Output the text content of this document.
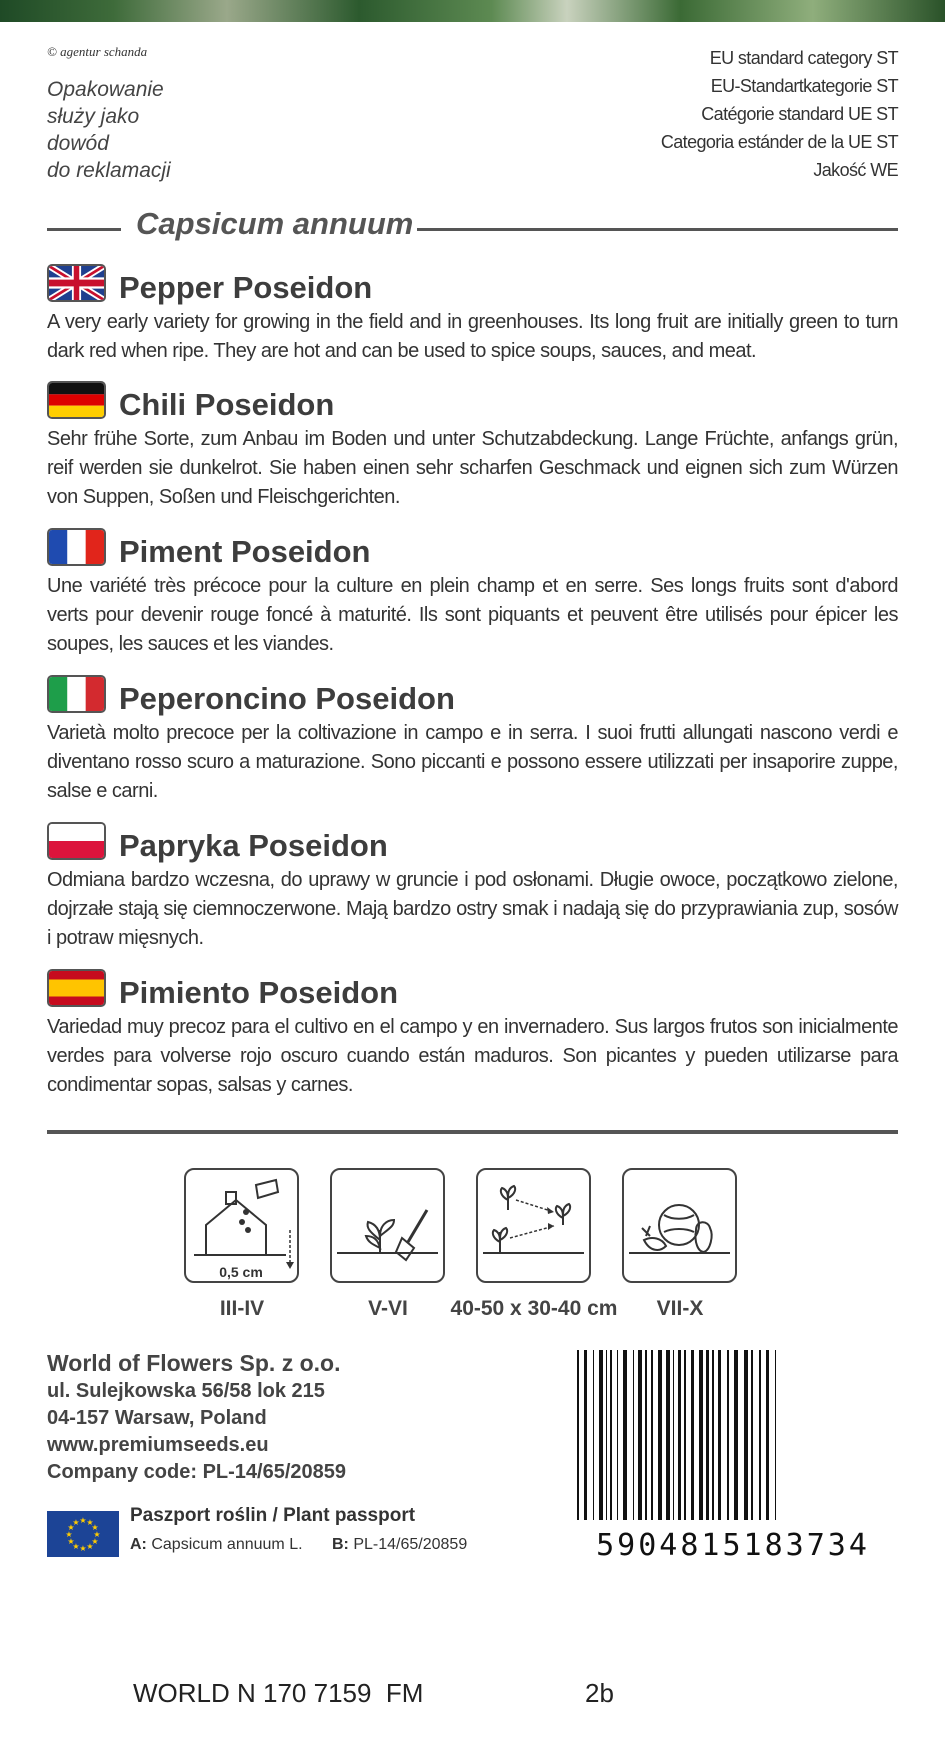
© agentur schanda
Opakowanie
służy jako
dowód
do reklamacji
EU standard category ST
EU-Standartkategorie ST
Catégorie standard UE ST
Categoria estánder de la UE ST
Jakość WE
Capsicum annuum
Pepper Poseidon
A very early variety for growing in the field and in greenhouses. Its long fruit are initially green to turn dark red when ripe. They are hot and can be used to spice soups, sauces, and meat.
Chili Poseidon
Sehr frühe Sorte, zum Anbau im Boden und unter Schutzabdeckung. Lange Früchte, anfangs grün, reif werden sie dunkelrot. Sie haben einen sehr scharfen Geschmack und eignen sich zum Würzen von Suppen, Soßen und Fleischgerichten.
Piment Poseidon
Une variété très précoce pour la culture en plein champ et en serre. Ses longs fruits sont d'abord verts pour devenir rouge foncé à maturité. Ils sont piquants et peuvent être utilisés pour épicer les soupes, les sauces et les viandes.
Peperoncino Poseidon
Varietà molto precoce per la coltivazione in campo e in serra. I suoi frutti allungati nascono verdi e diventano rosso scuro a maturazione. Sono piccanti e possono essere utilizzati per insaporire zuppe, salse e carni.
Papryka Poseidon
Odmiana bardzo wczesna, do uprawy w gruncie i pod osłonami. Długie owoce, początkowo zielone, dojrzałe stają się ciemnoczerwone. Mają bardzo ostry smak i nadają się do przyprawiania zup, sosów i potraw mięsnych.
Pimiento Poseidon
Variedad muy precoz para el cultivo en el campo y en invernadero. Sus largos frutos son inicialmente verdes para volverse rojo oscuro cuando están maduros. Son picantes y pueden utilizarse para condimentar sopas, salsas y carnes.
0,5 cm
III-IV	V-VI	40-50 x 30-40 cm	VII-X
World of Flowers Sp. z o.o.
ul. Sulejkowska 56/58 lok 215
04-157 Warsaw, Poland
www.premiumseeds.eu
Company code: PL-14/65/20859
★ ★
★
★
★
★
★
★
★
★
★
★	Paszport roślin / Plant passport
A: Capsicum annuum L. B: PL-14/65/20859	5904815183734
WORLD N 170 7159  FM	2b
